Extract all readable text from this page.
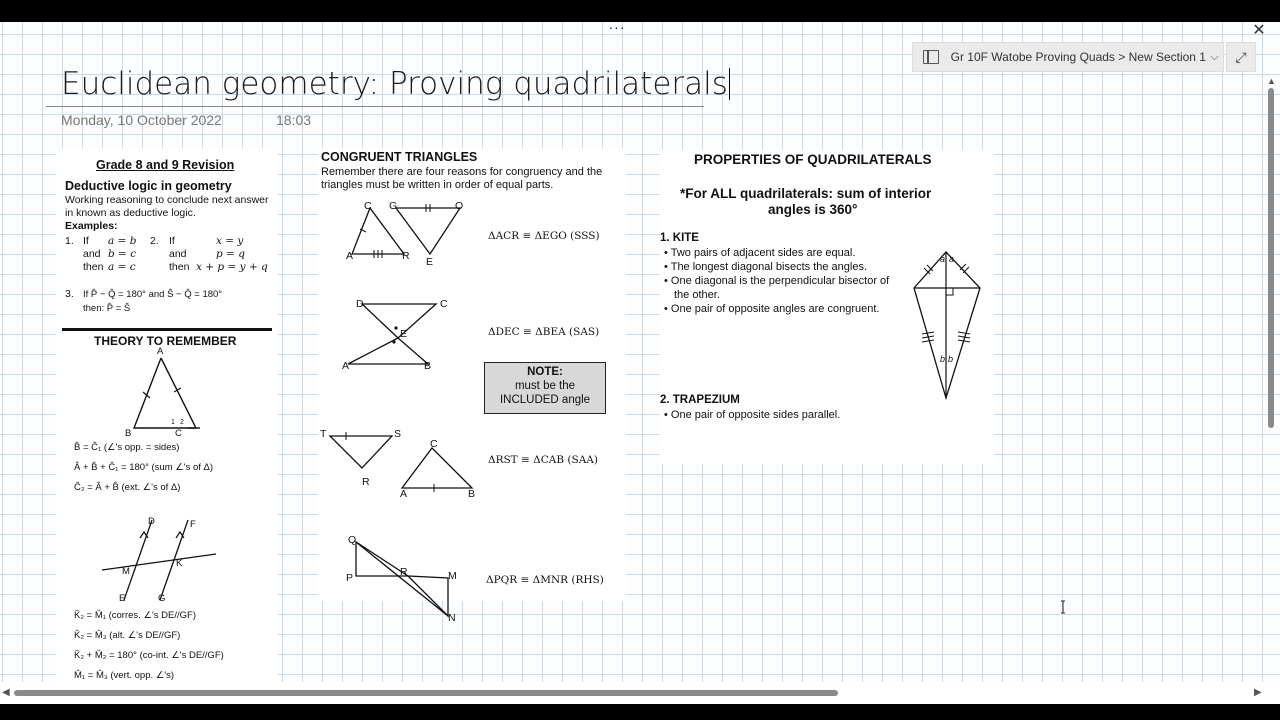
···	✕
Gr 10F Watobe Proving Quads > New Section 1 ⌵	⤢
Euclidean geometry: Proving quadrilaterals
Monday, 10 October 2022	18:03
Grade 8 and 9 Revision
Deductive logic in geometry
Working reasoning to conclude next answer in known as deductive logic.
Examples:
1. If
and
then
a = b
b = c
a = c
2. If
and
then
x = y
p = q
x + p = y + q
3. If P̂ − Q̂ = 180° and Ŝ − Q̂ = 180°
then: P̂ = Ŝ
THEORY TO REMEMBER
A
B	C
1 2
B̂ = Ĉ₁ (∠'s opp. = sides)
Â + B̂ + Ĉ₁ = 180° (sum ∠'s of Δ)
Ĉ₂ = Â + B̂ (ext. ∠'s of Δ)
D	F
E	G
M
K
K̂₂ = M̂₁ (corres. ∠'s DE//GF)
K̂₂ = M̂₃ (alt. ∠'s DE//GF)
K̂₂ + M̂₂ = 180° (co-int. ∠'s DE//GF)
M̂₁ = M̂₃ (vert. opp. ∠'s)
CONGRUENT TRIANGLES
Remember there are four reasons for congruency and the triangles must be written in order of equal parts.
C G	O
A	R E
ΔACR ≡ ΔEGO (SSS)
D	C
E
A	B
ΔDEC ≡ ΔBEA (SAS)
NOTE:
must be the
INCLUDED angle
T	S
R
C
A	B
ΔRST ≡ ΔCAB (SAA)
Q
P	R	M
N
ΔPQR ≡ ΔMNR (RHS)
PROPERTIES OF QUADRILATERALS
*For ALL quadrilaterals: sum of interior
angles is 360°
1. KITE
• Two pairs of adjacent sides are equal.
• The longest diagonal bisects the angles.
• One diagonal is the perpendicular bisector of the other.
• One pair of opposite angles are congruent.
a a
b b
2. TRAPEZIUM
• One pair of opposite sides parallel.
▲
◀	▶
